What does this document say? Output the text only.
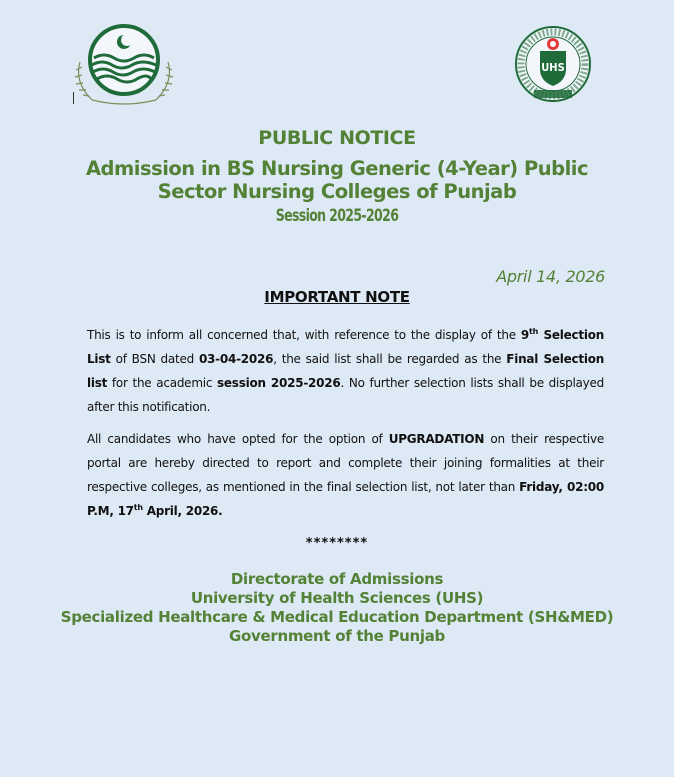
UHS
PUBLIC NOTICE
Admission in BS Nursing Generic (4-Year) Public
Sector Nursing Colleges of Punjab
Session 2025-2026
April 14, 2026
IMPORTANT NOTE
This is to inform all concerned that, with reference to the display of the 9th Selection List of BSN dated 03-04-2026, the said list shall be regarded as the Final Selection list for the academic session 2025-2026. No further selection lists shall be displayed after this notification.
All candidates who have opted for the option of UPGRADATION on their respective portal are hereby directed to report and complete their joining formalities at their respective colleges, as mentioned in the final selection list, not later than Friday, 02:00 P.M, 17th April, 2026.
********
Directorate of Admissions
University of Health Sciences (UHS)
Specialized Healthcare & Medical Education Department (SH&MED)
Government of the Punjab
